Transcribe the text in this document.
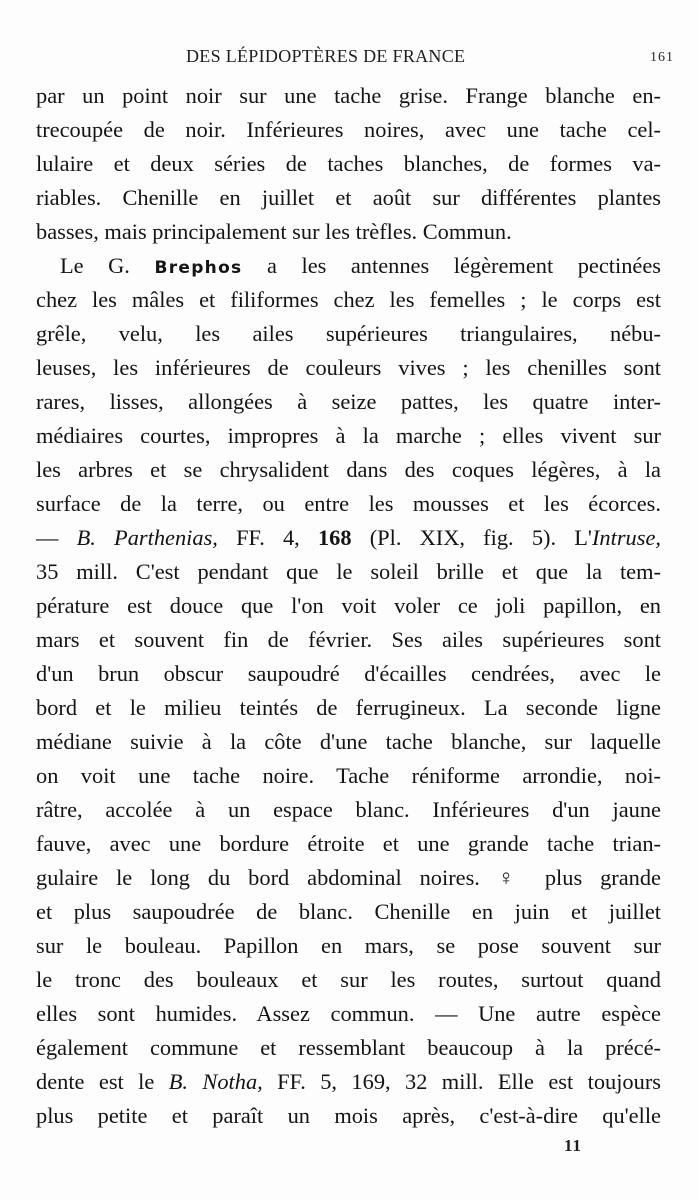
DES LÉPIDOPTÈRES DE FRANCE	161
par un point noir sur une tache grise. Frange blanche en-
trecoupée de noir. Inférieures noires, avec une tache cel-
lulaire et deux séries de taches blanches, de formes va-
riables. Chenille en juillet et août sur différentes plantes
basses, mais principalement sur les trèfles. Commun.
Le G. Brephos a les antennes légèrement pectinées
chez les mâles et filiformes chez les femelles ; le corps est
grêle, velu, les ailes supérieures triangulaires, nébu-
leuses, les inférieures de couleurs vives ; les chenilles sont
rares, lisses, allongées à seize pattes, les quatre inter-
médiaires courtes, impropres à la marche ; elles vivent sur
les arbres et se chrysalident dans des coques légères, à la
surface de la terre, ou entre les mousses et les écorces.
— B. Parthenias, FF. 4, 168 (Pl. XIX, fig. 5). L'Intruse,
35 mill. C'est pendant que le soleil brille et que la tem-
pérature est douce que l'on voit voler ce joli papillon, en
mars et souvent fin de février. Ses ailes supérieures sont
d'un brun obscur saupoudré d'écailles cendrées, avec le
bord et le milieu teintés de ferrugineux. La seconde ligne
médiane suivie à la côte d'une tache blanche, sur laquelle
on voit une tache noire. Tache réniforme arrondie, noi-
râtre, accolée à un espace blanc. Inférieures d'un jaune
fauve, avec une bordure étroite et une grande tache trian-
gulaire le long du bord abdominal noires. ♀ plus grande
et plus saupoudrée de blanc. Chenille en juin et juillet
sur le bouleau. Papillon en mars, se pose souvent sur
le tronc des bouleaux et sur les routes, surtout quand
elles sont humides. Assez commun. — Une autre espèce
également commune et ressemblant beaucoup à la précé-
dente est le B. Notha, FF. 5, 169, 32 mill. Elle est toujours
plus petite et paraît un mois après, c'est-à-dire qu'elle
11
